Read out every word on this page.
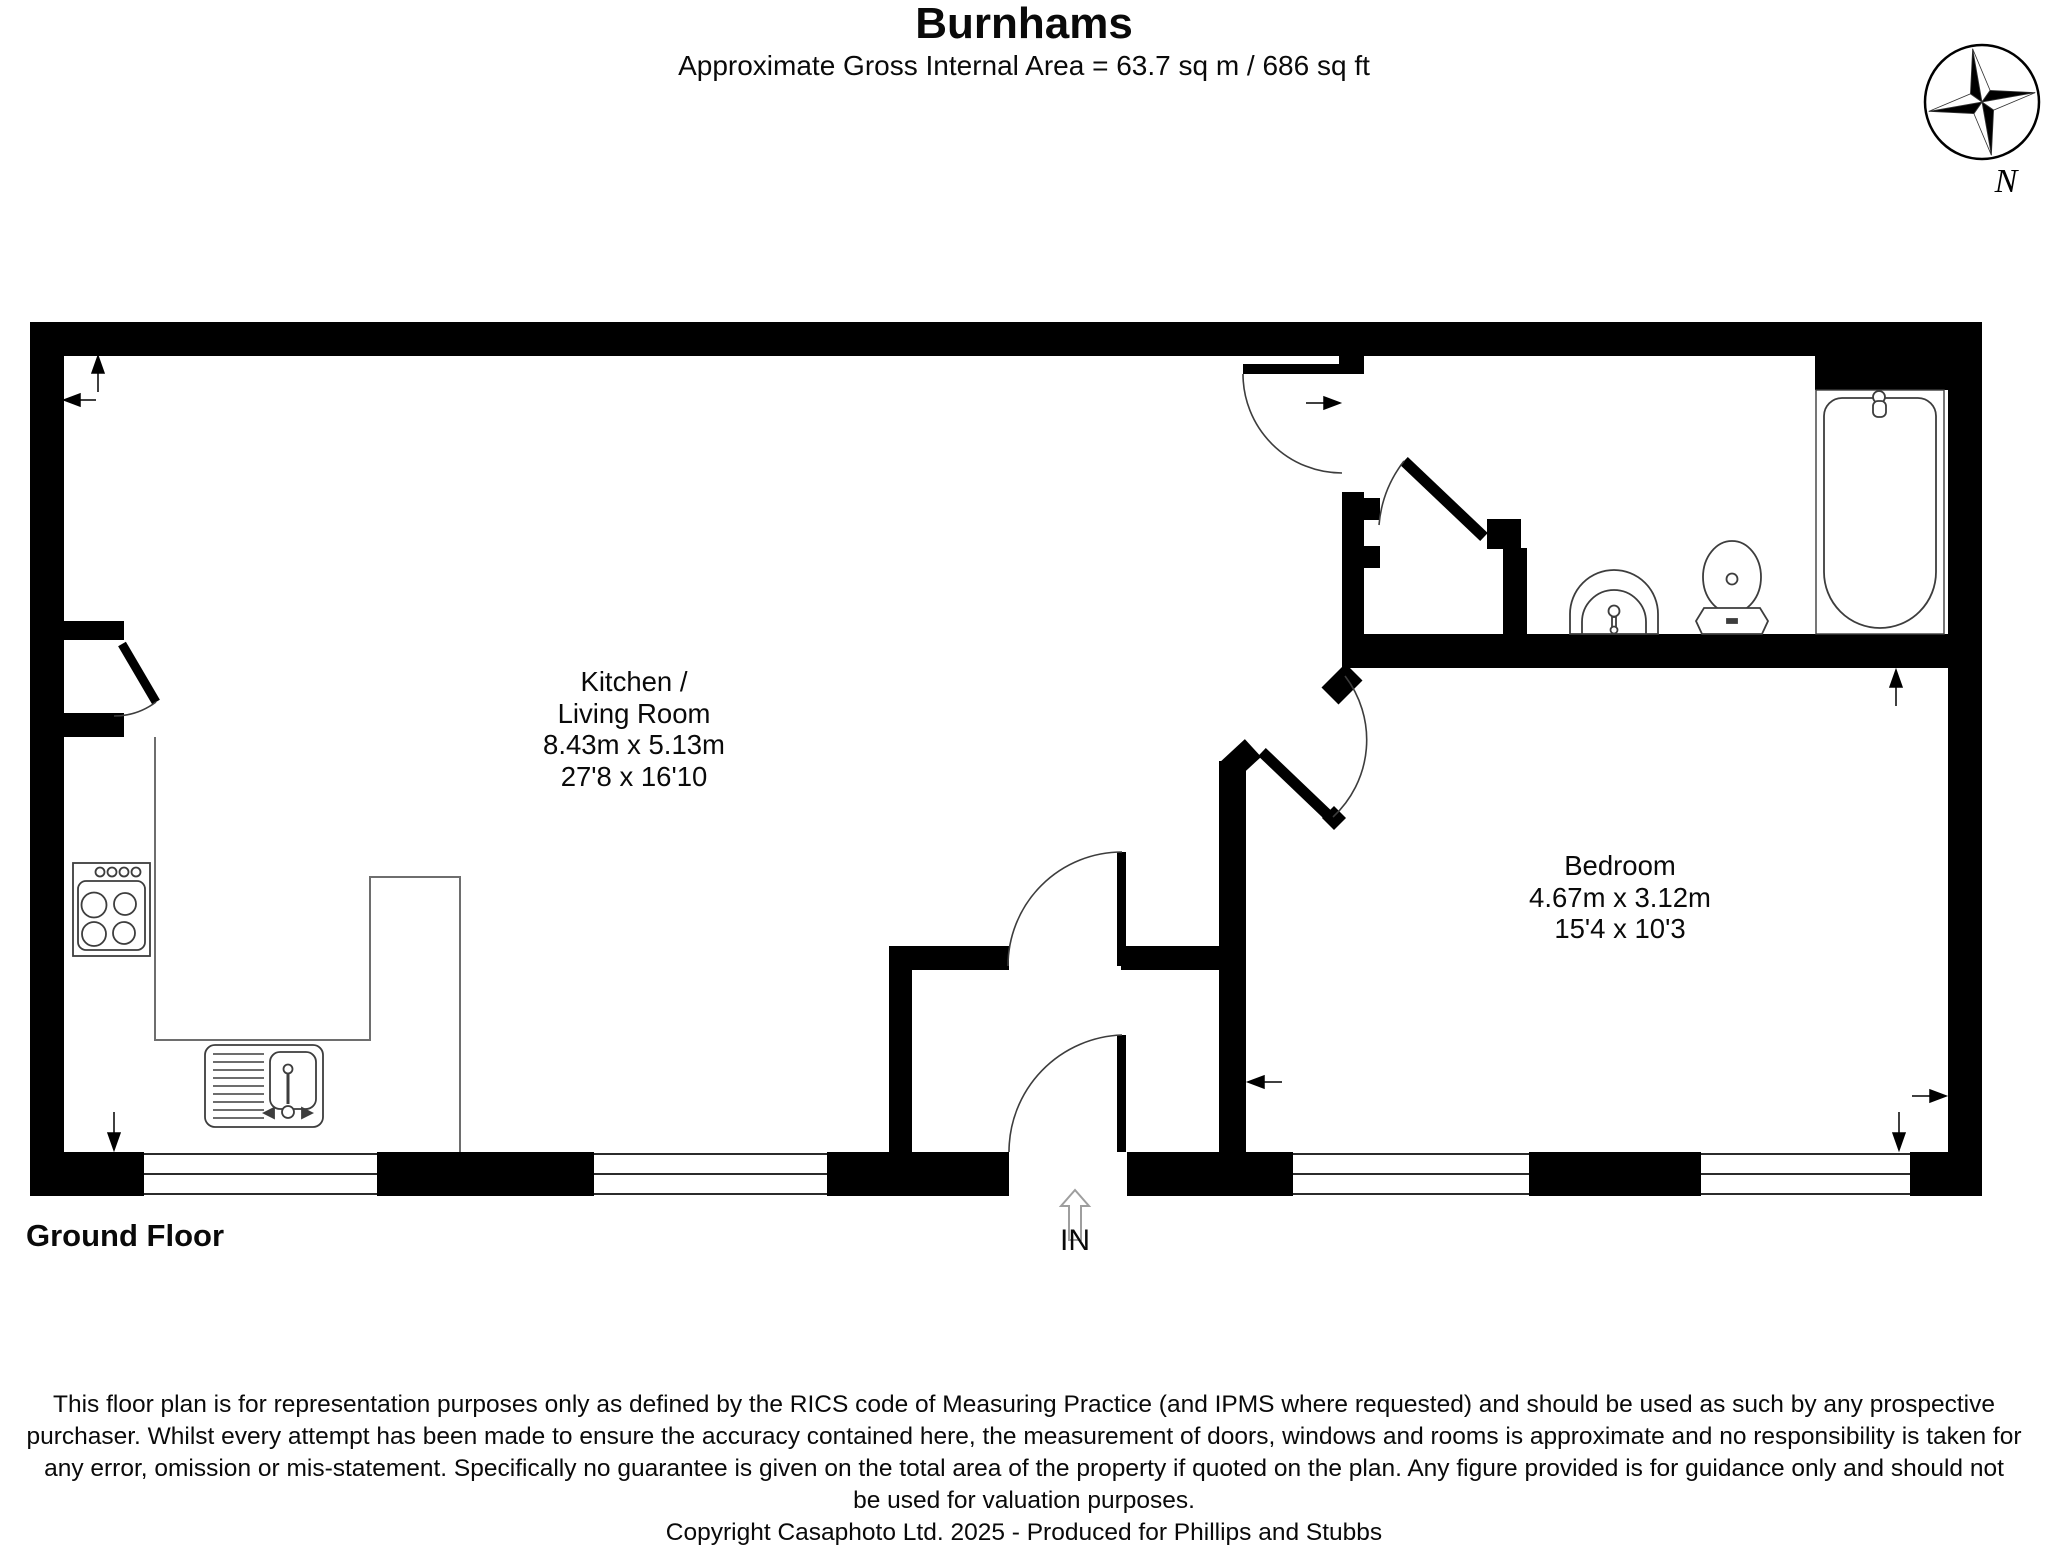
Burnhams
Approximate Gross Internal Area = 63.7 sq m / 686 sq ft
N
Kitchen /
Living Room
8.43m x 5.13m
27'8 x 16'10
Bedroom
4.67m x 3.12m
15'4 x 10'3
Ground Floor	IN
This floor plan is for representation purposes only as defined by the RICS code of Measuring Practice (and IPMS where requested) and should be used as such by any prospective
purchaser. Whilst every attempt has been made to ensure the accuracy contained here, the measurement of doors, windows and rooms is approximate and no responsibility is taken for
any error, omission or mis-statement. Specifically no guarantee is given on the total area of the property if quoted on the plan. Any figure provided is for guidance only and should not
be used for valuation purposes.
Copyright Casaphoto Ltd. 2025 - Produced for Phillips and Stubbs
